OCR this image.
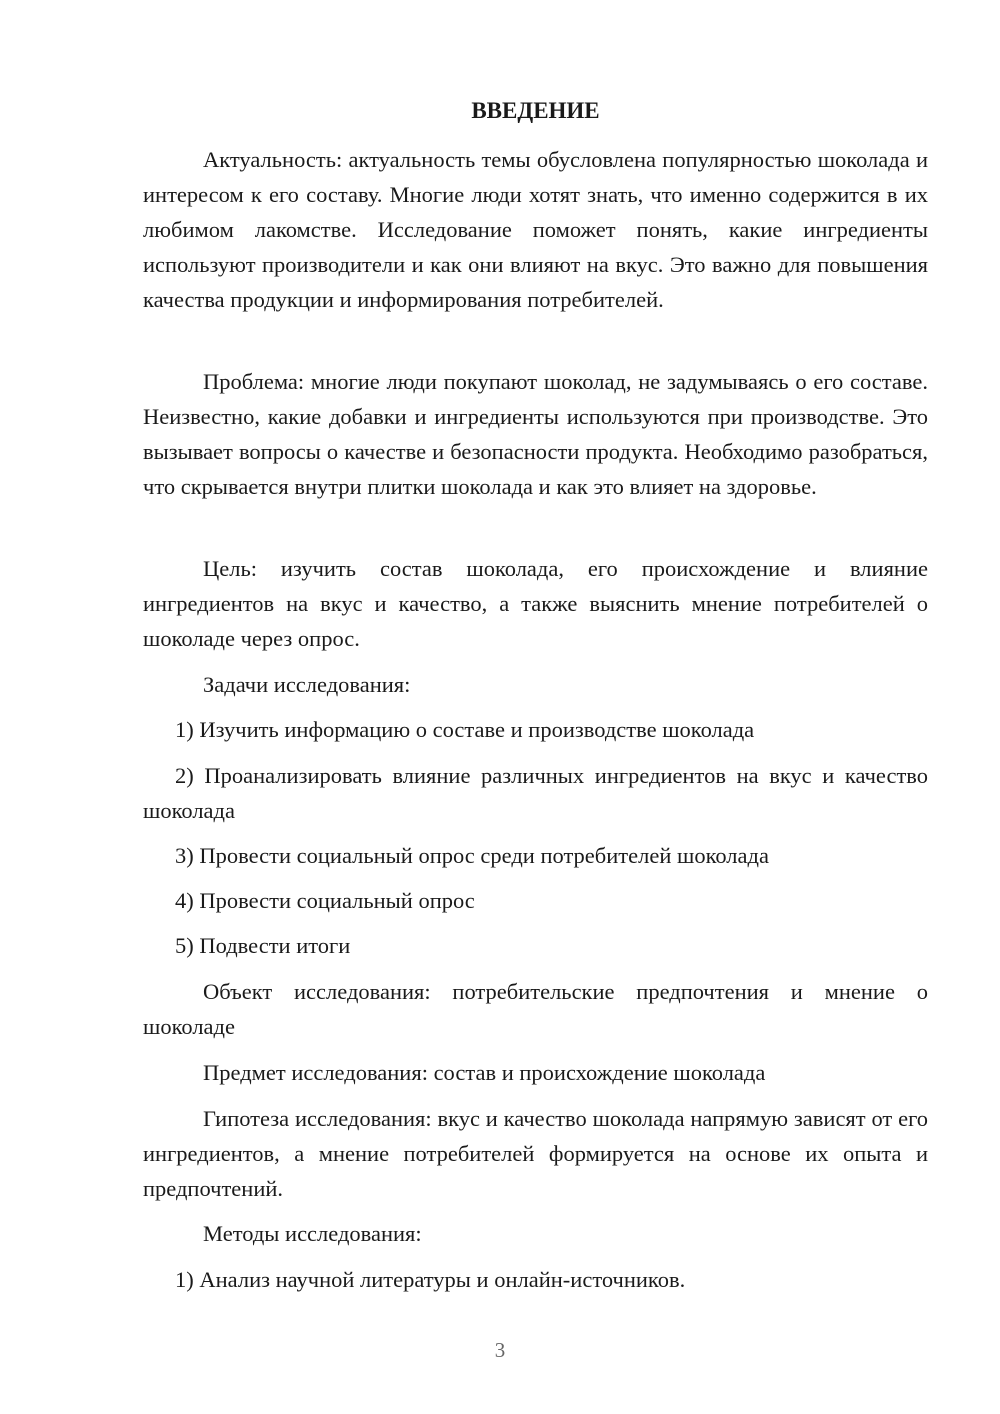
ВВЕДЕНИЕ

Актуальность: актуальность темы обусловлена популярностью шоколада и интересом к его составу. Многие люди хотят знать, что именно содержится в их любимом лакомстве. Исследование поможет понять, какие ингредиенты используют производители и как они влияют на вкус. Это важно для повышения качества продукции и информирования потребителей.

Проблема: многие люди покупают шоколад, не задумываясь о его составе. Неизвестно, какие добавки и ингредиенты используются при производстве. Это вызывает вопросы о качестве и безопасности продукта. Необходимо разобраться, что скрывается внутри плитки шоколада и как это влияет на здоровье.

Цель: изучить состав шоколада, его происхождение и влияние ингредиентов на вкус и качество, а также выяснить мнение потребителей о шоколаде через опрос.

Задачи исследования:

1) Изучить информацию о составе и производстве шоколада

2) Проанализировать влияние различных ингредиентов на вкус и качество шоколада

3) Провести социальный опрос среди потребителей шоколада

4) Провести социальный опрос

5) Подвести итоги

Объект исследования: потребительские предпочтения и мнение о шоколаде

Предмет исследования: состав и происхождение шоколада

Гипотеза исследования: вкус и качество шоколада напрямую зависят от его ингредиентов, а мнение потребителей формируется на основе их опыта и предпочтений.

Методы исследования:

1) Анализ научной литературы и онлайн-источников.

3
